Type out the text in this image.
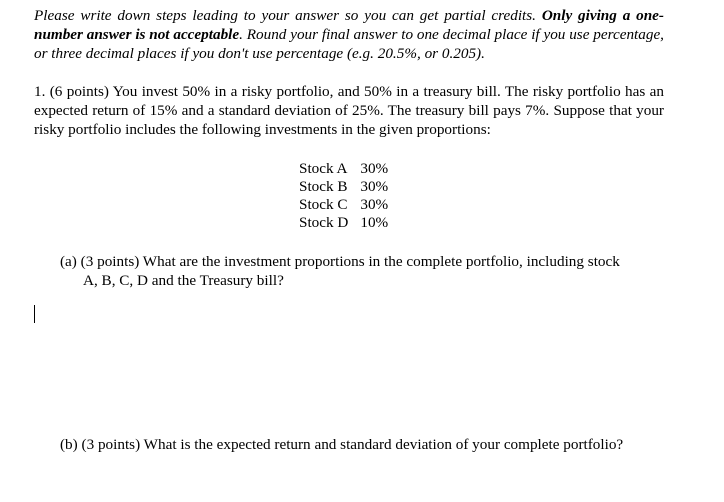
Please write down steps leading to your answer so you can get partial credits. Only giving a one-number answer is not acceptable. Round your final answer to one decimal place if you use percentage, or three decimal places if you don't use percentage (e.g. 20.5%, or 0.205).

1. (6 points) You invest 50% in a risky portfolio, and 50% in a treasury bill. The risky portfolio has an expected return of 15% and a standard deviation of 25%. The treasury bill pays 7%. Suppose that your risky portfolio includes the following investments in the given proportions:

Stock A	30%
Stock B	30%
Stock C	30%
Stock D	10%
(a) (3 points) What are the investment proportions in the complete portfolio, including stock
A, B, C, D and the Treasury bill?
(b) (3 points) What is the expected return and standard deviation of your complete portfolio?
